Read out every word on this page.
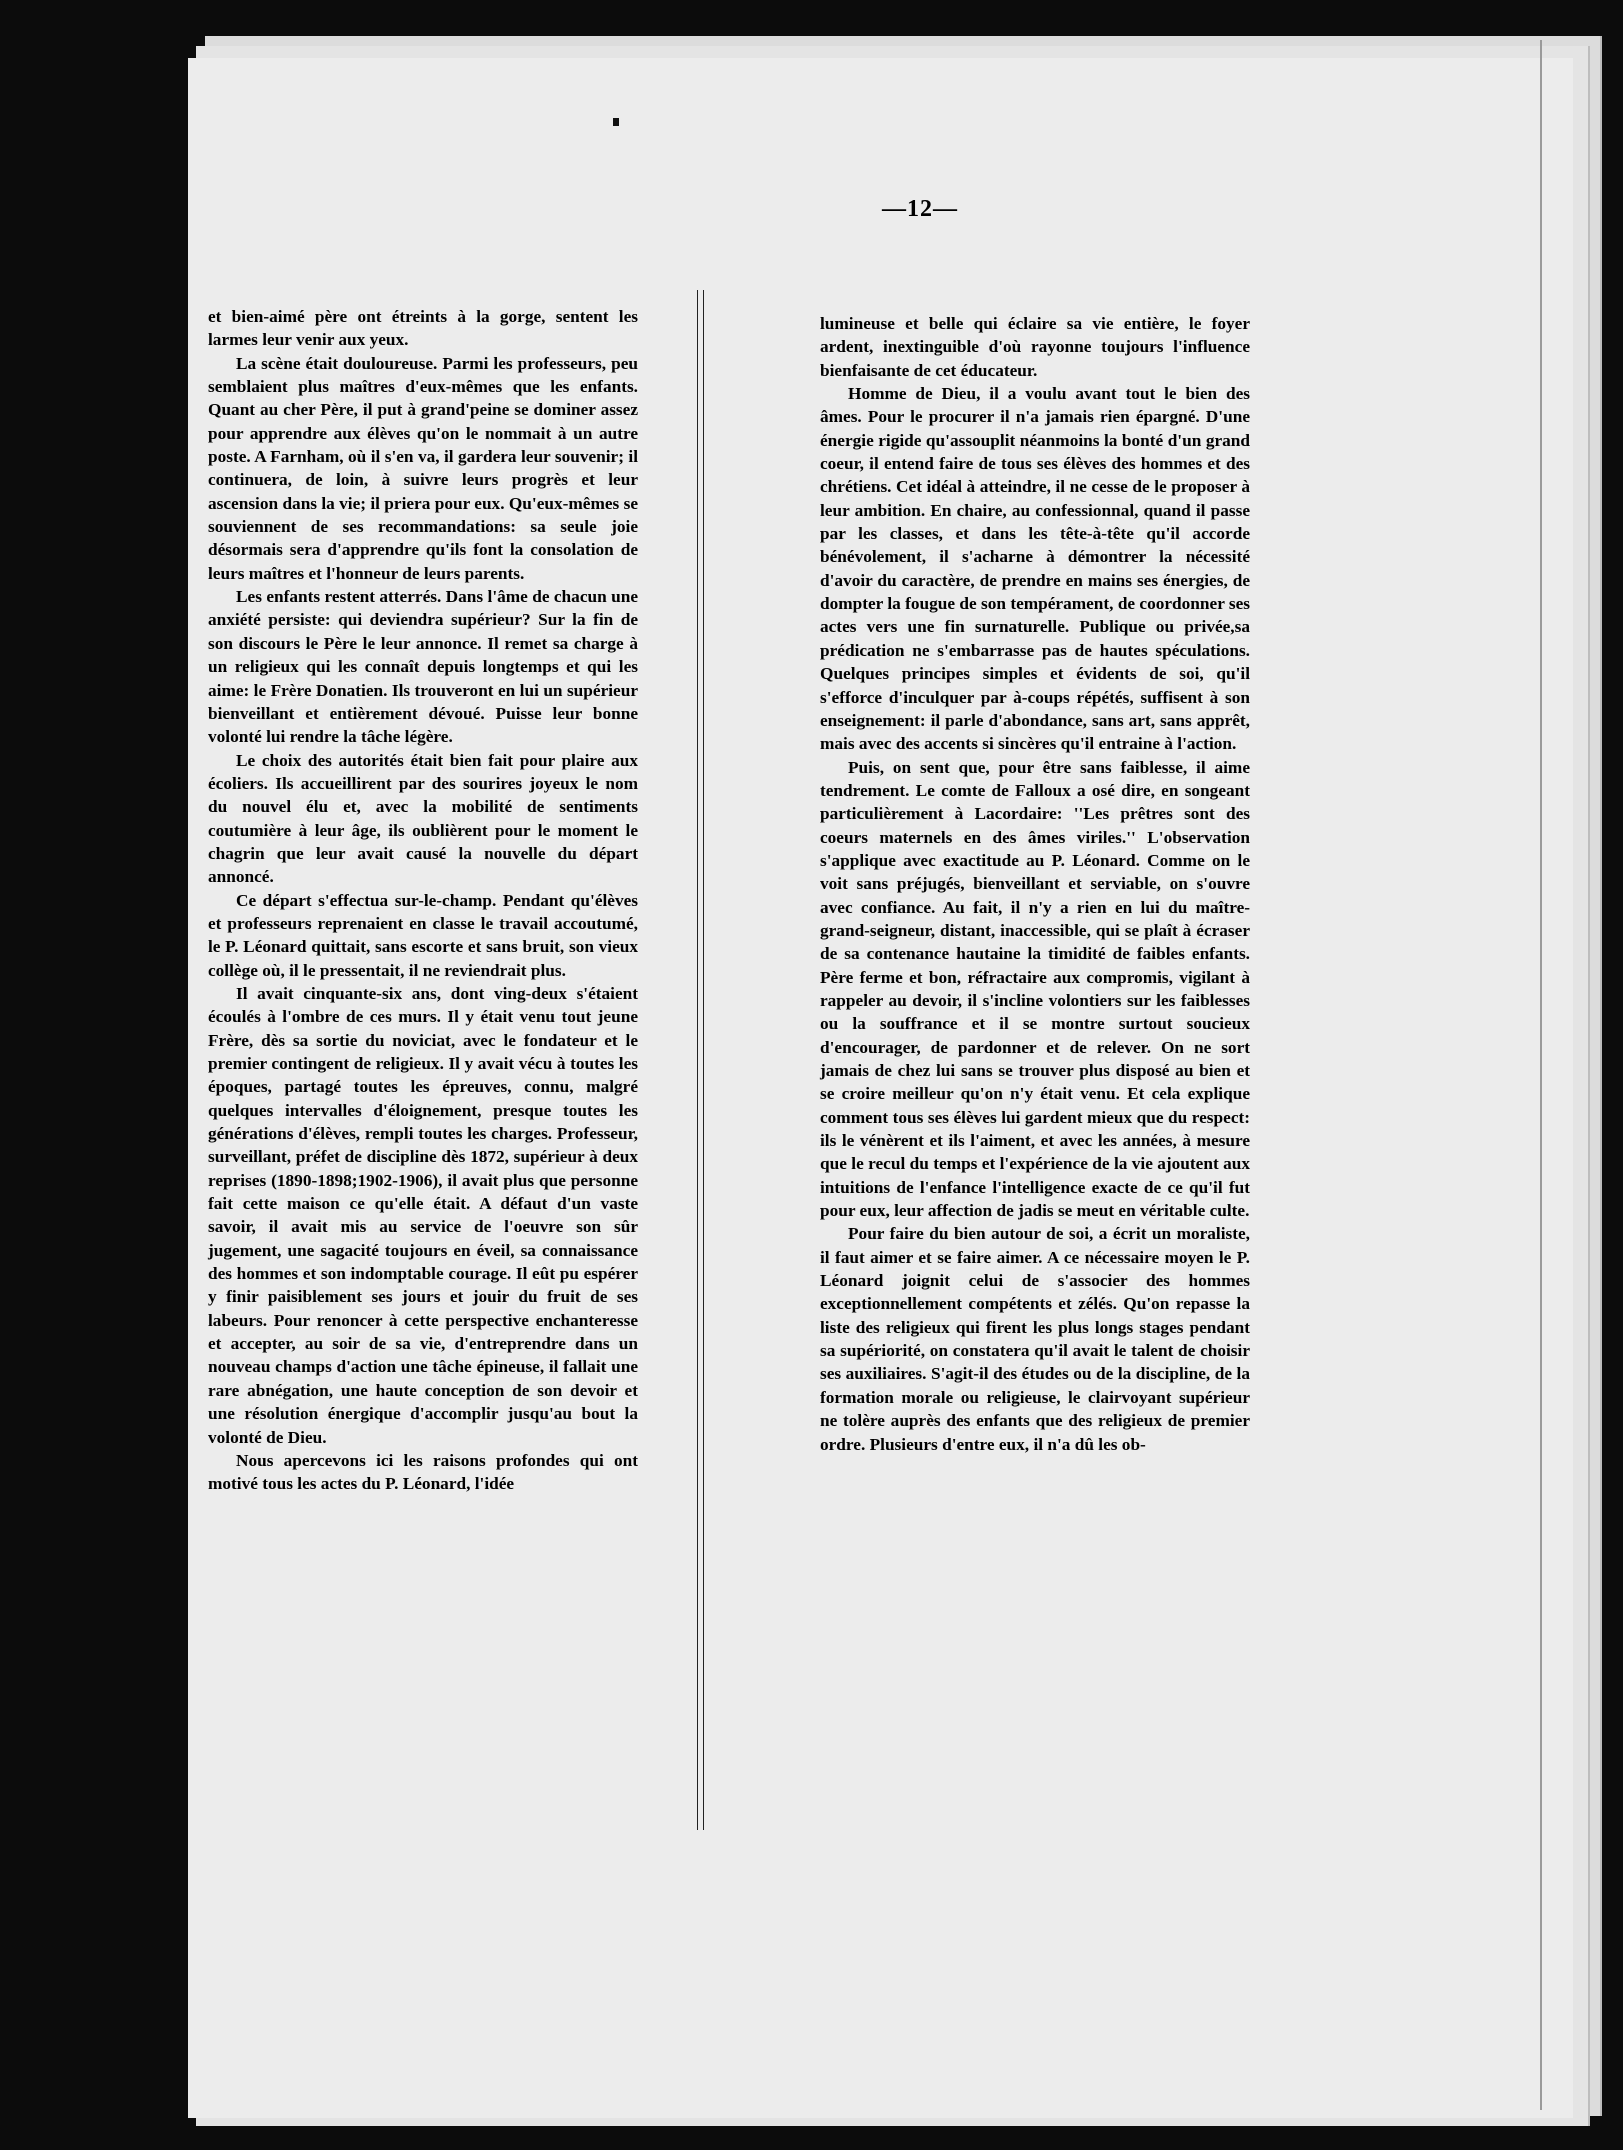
—12—

et bien-aimé père ont étreints à la gorge, sentent les larmes leur venir aux yeux.

La scène était douloureuse. Parmi les professeurs, peu semblaient plus maîtres d'eux-mêmes que les enfants. Quant au cher Père, il put à grand'peine se dominer assez pour apprendre aux élèves qu'on le nommait à un autre poste. A Farnham, où il s'en va, il gardera leur souvenir; il continuera, de loin, à suivre leurs progrès et leur ascension dans la vie; il priera pour eux. Qu'eux-mêmes se souviennent de ses recommandations: sa seule joie désormais sera d'apprendre qu'ils font la consolation de leurs maîtres et l'honneur de leurs parents.

Les enfants restent atterrés. Dans l'âme de chacun une anxiété persiste: qui deviendra supérieur? Sur la fin de son discours le Père le leur annonce. Il remet sa charge à un religieux qui les connaît depuis longtemps et qui les aime: le Frère Donatien. Ils trouveront en lui un supérieur bienveillant et entièrement dévoué. Puisse leur bonne volonté lui rendre la tâche légère.

Le choix des autorités était bien fait pour plaire aux écoliers. Ils accueillirent par des sourires joyeux le nom du nouvel élu et, avec la mobilité de sentiments coutumière à leur âge, ils oublièrent pour le moment le chagrin que leur avait causé la nouvelle du départ annoncé.

Ce départ s'effectua sur-le-champ. Pendant qu'élèves et professeurs reprenaient en classe le travail accoutumé, le P. Léonard quittait, sans escorte et sans bruit, son vieux collège où, il le pressentait, il ne reviendrait plus.

Il avait cinquante-six ans, dont ving-deux s'étaient écoulés à l'ombre de ces murs. Il y était venu tout jeune Frère, dès sa sortie du noviciat, avec le fondateur et le premier contingent de religieux. Il y avait vécu à toutes les époques, partagé toutes les épreuves, connu, malgré quelques intervalles d'éloignement, presque toutes les générations d'élèves, rempli toutes les charges. Professeur, surveillant, préfet de discipline dès 1872, supérieur à deux reprises (1890-1898;1902-1906), il avait plus que personne fait cette maison ce qu'elle était. A défaut d'un vaste savoir, il avait mis au service de l'oeuvre son sûr jugement, une sagacité toujours en éveil, sa connaissance des hommes et son indomptable courage. Il eût pu espérer y finir paisiblement ses jours et jouir du fruit de ses labeurs. Pour renoncer à cette perspective enchanteresse et accepter, au soir de sa vie, d'entreprendre dans un nouveau champs d'action une tâche épineuse, il fallait une rare abnégation, une haute conception de son devoir et une résolution énergique d'accomplir jusqu'au bout la volonté de Dieu.

Nous apercevons ici les raisons profondes qui ont motivé tous les actes du P. Léonard, l'idée

lumineuse et belle qui éclaire sa vie entière, le foyer ardent, inextinguible d'où rayonne toujours l'influence bienfaisante de cet éducateur.

Homme de Dieu, il a voulu avant tout le bien des âmes. Pour le procurer il n'a jamais rien épargné. D'une énergie rigide qu'assouplit néanmoins la bonté d'un grand coeur, il entend faire de tous ses élèves des hommes et des chrétiens. Cet idéal à atteindre, il ne cesse de le proposer à leur ambition. En chaire, au confessionnal, quand il passe par les classes, et dans les tête-à-tête qu'il accorde bénévolement, il s'acharne à démontrer la nécessité d'avoir du caractère, de prendre en mains ses énergies, de dompter la fougue de son tempérament, de coordonner ses actes vers une fin surnaturelle. Publique ou privée,sa prédication ne s'embarrasse pas de hautes spéculations. Quelques principes simples et évidents de soi, qu'il s'efforce d'inculquer par à-coups répétés, suffisent à son enseignement: il parle d'abondance, sans art, sans apprêt, mais avec des accents si sincères qu'il entraine à l'action.

Puis, on sent que, pour être sans faiblesse, il aime tendrement. Le comte de Falloux a osé dire, en songeant particulièrement à Lacordaire: ''Les prêtres sont des coeurs maternels en des âmes viriles.'' L'observation s'applique avec exactitude au P. Léonard. Comme on le voit sans préjugés, bienveillant et serviable, on s'ouvre avec confiance. Au fait, il n'y a rien en lui du maître-grand-seigneur, distant, inaccessible, qui se plaît à écraser de sa contenance hautaine la timidité de faibles enfants. Père ferme et bon, réfractaire aux compromis, vigilant à rappeler au devoir, il s'incline volontiers sur les faiblesses ou la souffrance et il se montre surtout soucieux d'encourager, de pardonner et de relever. On ne sort jamais de chez lui sans se trouver plus disposé au bien et se croire meilleur qu'on n'y était venu. Et cela explique comment tous ses élèves lui gardent mieux que du respect: ils le vénèrent et ils l'aiment, et avec les années, à mesure que le recul du temps et l'expérience de la vie ajoutent aux intuitions de l'enfance l'intelligence exacte de ce qu'il fut pour eux, leur affection de jadis se meut en véritable culte.

Pour faire du bien autour de soi, a écrit un moraliste, il faut aimer et se faire aimer. A ce nécessaire moyen le P. Léonard joignit celui de s'associer des hommes exceptionnellement compétents et zélés. Qu'on repasse la liste des religieux qui firent les plus longs stages pendant sa supériorité, on constatera qu'il avait le talent de choisir ses auxiliaires. S'agit-il des études ou de la discipline, de la formation morale ou religieuse, le clairvoyant supérieur ne tolère auprès des enfants que des religieux de premier ordre. Plusieurs d'entre eux, il n'a dû les ob-
